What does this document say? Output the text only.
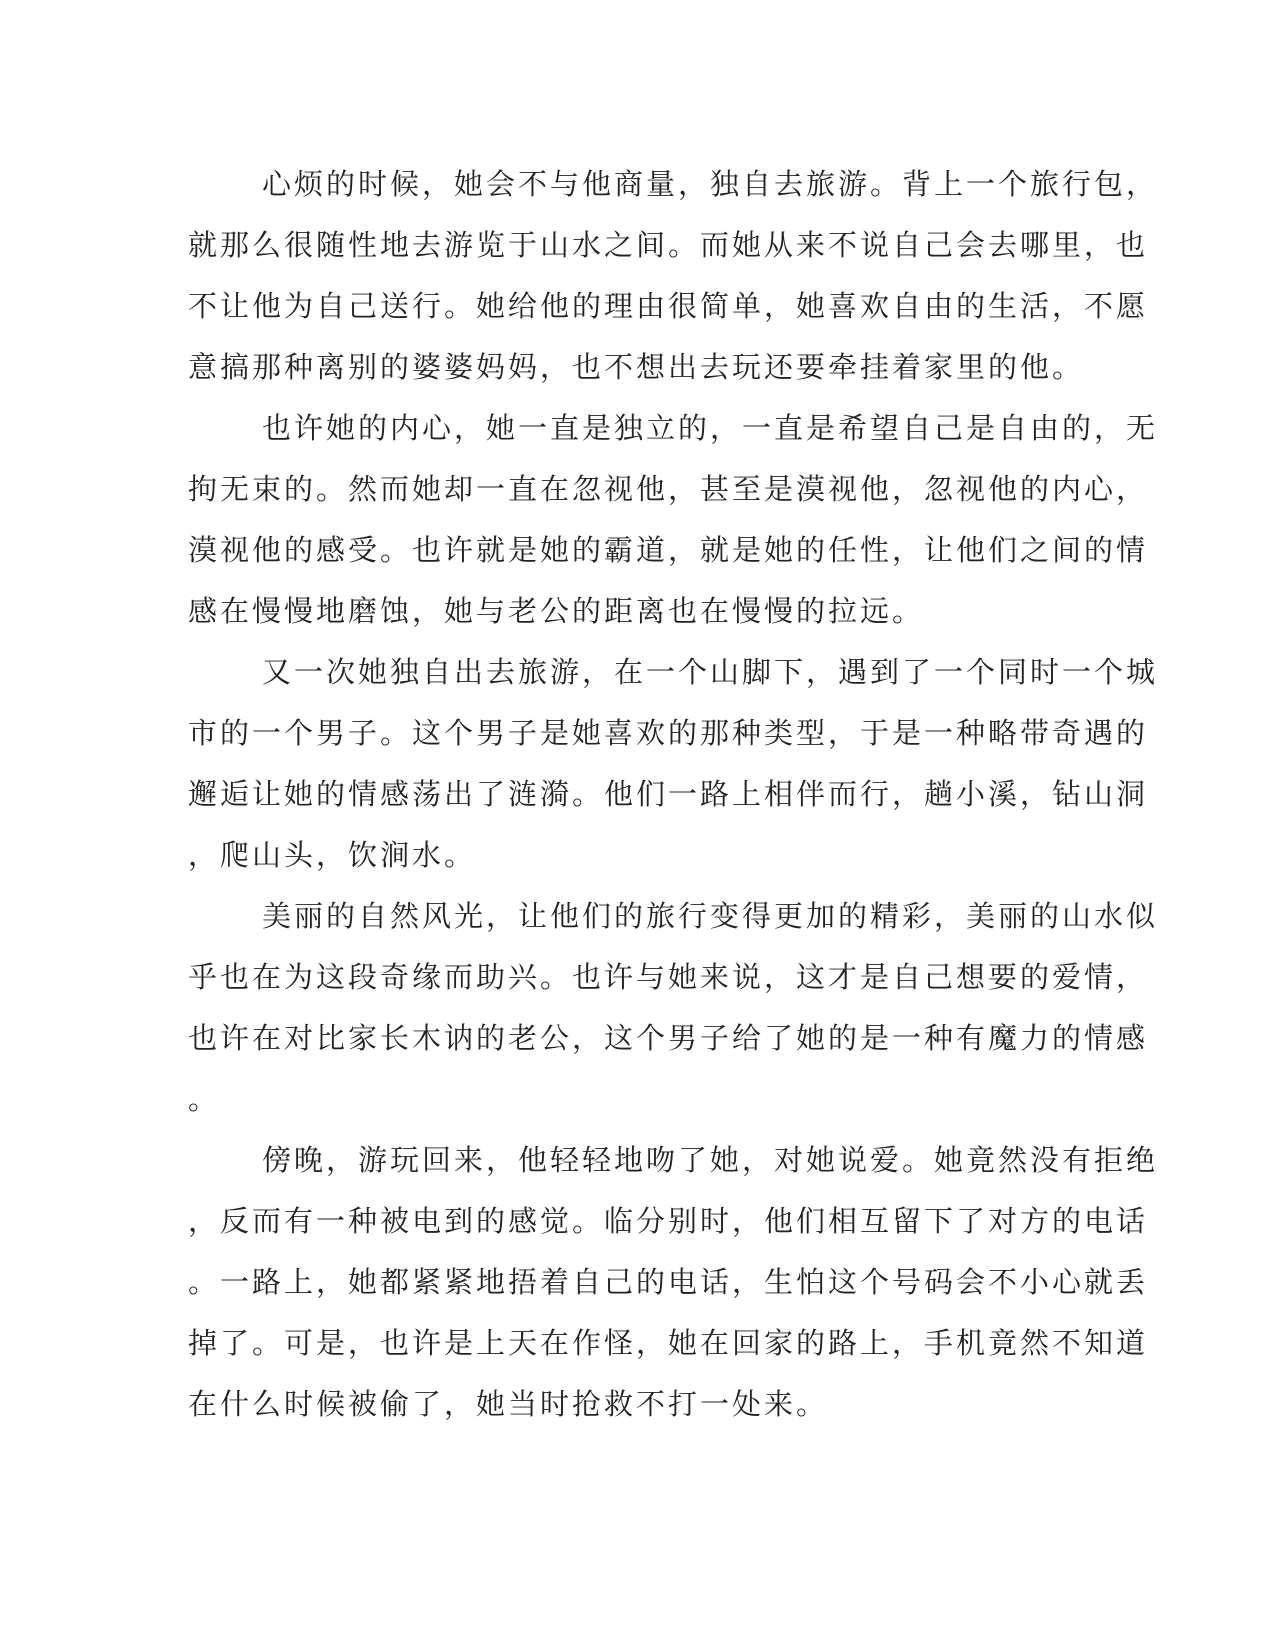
心烦的时候，她会不与他商量，独自去旅游。背上一个旅行包，
就那么很随性地去游览于山水之间。而她从来不说自己会去哪里，也
不让他为自己送行。她给他的理由很简单，她喜欢自由的生活，不愿
意搞那种离别的婆婆妈妈，也不想出去玩还要牵挂着家里的他。
也许她的内心，她一直是独立的，一直是希望自己是自由的，无
拘无束的。然而她却一直在忽视他，甚至是漠视他，忽视他的内心，
漠视他的感受。也许就是她的霸道，就是她的任性，让他们之间的情
感在慢慢地磨蚀，她与老公的距离也在慢慢的拉远。
又一次她独自出去旅游，在一个山脚下，遇到了一个同时一个城
市的一个男子。这个男子是她喜欢的那种类型，于是一种略带奇遇的
邂逅让她的情感荡出了涟漪。他们一路上相伴而行，趟小溪，钻山洞
，爬山头，饮涧水。
美丽的自然风光，让他们的旅行变得更加的精彩，美丽的山水似
乎也在为这段奇缘而助兴。也许与她来说，这才是自己想要的爱情，
也许在对比家长木讷的老公，这个男子给了她的是一种有魔力的情感
。
傍晚，游玩回来，他轻轻地吻了她，对她说爱。她竟然没有拒绝
，反而有一种被电到的感觉。临分别时，他们相互留下了对方的电话
。一路上，她都紧紧地捂着自己的电话，生怕这个号码会不小心就丢
掉了。可是，也许是上天在作怪，她在回家的路上，手机竟然不知道
在什么时候被偷了，她当时抢救不打一处来。
